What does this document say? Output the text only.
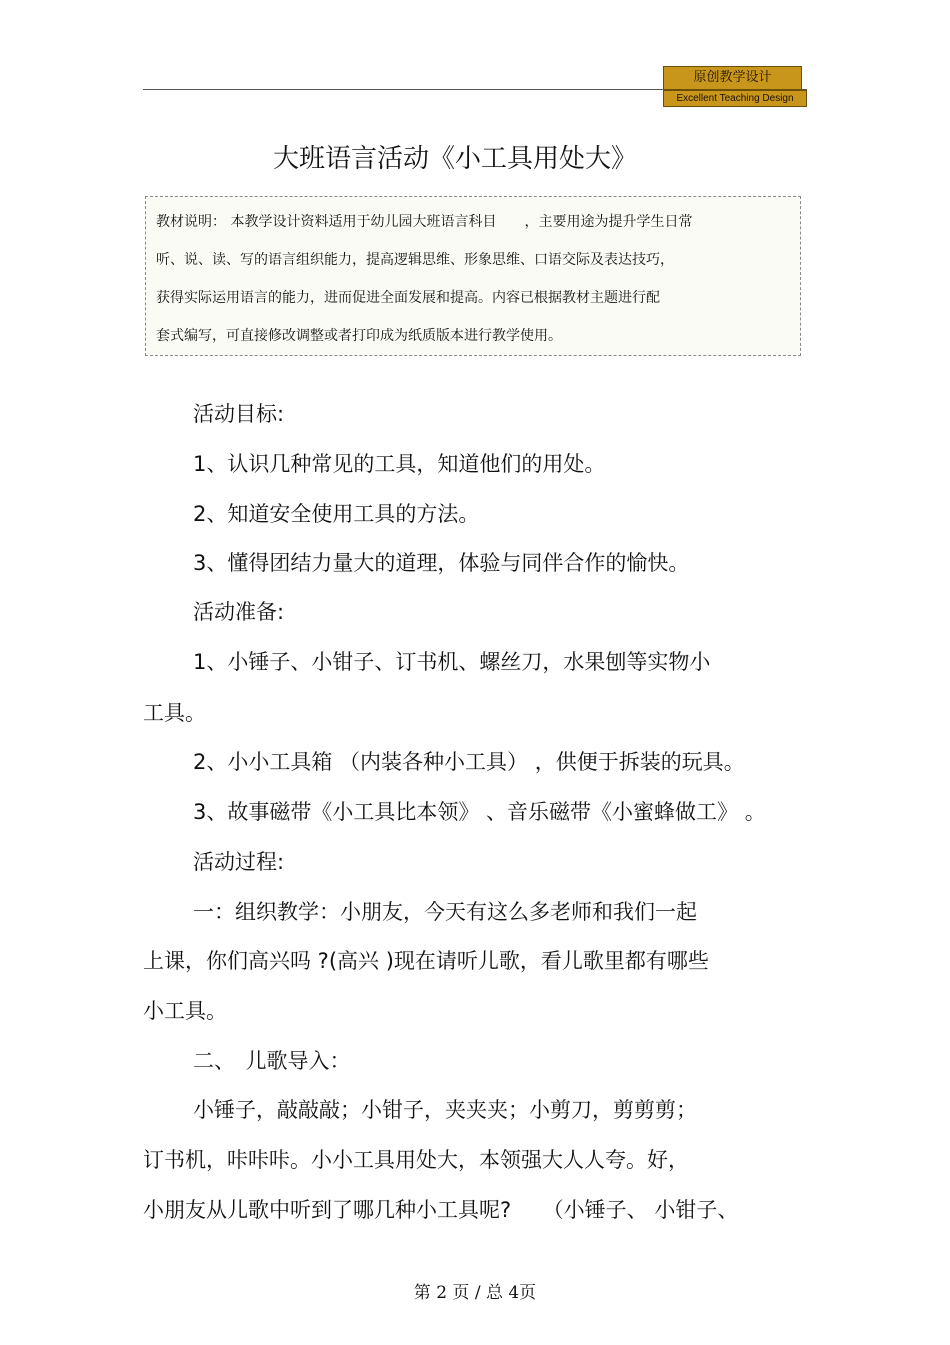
原创教学设计
Excellent Teaching Design
大班语言活动《小工具用处大》
教材说明： 本教学设计资料适用于幼儿园大班语言科目　　，主要用途为提升学生日常
听、说、读、写的语言组织能力，提高逻辑思维、形象思维、口语交际及表达技巧，
获得实际运用语言的能力，进而促进全面发展和提高。内容已根据教材主题进行配
套式编写，可直接修改调整或者打印成为纸质版本进行教学使用。
活动目标:
1、认识几种常见的工具，知道他们的用处。
2、知道安全使用工具的方法。
3、懂得团结力量大的道理，体验与同伴合作的愉快。
活动准备:
1、小锤子、小钳子、订书机、螺丝刀，水果刨等实物小
工具。
2、小小工具箱 （内装各种小工具） ，供便于拆装的玩具。
3、故事磁带《小工具比本领》 、音乐磁带《小蜜蜂做工》 。
活动过程:
一：组织教学：小朋友，今天有这么多老师和我们一起
上课，你们高兴吗 ?(高兴 )现在请听儿歌，看儿歌里都有哪些
小工具。
二、　儿歌导入：
小锤子，敲敲敲；小钳子，夹夹夹；小剪刀，剪剪剪；
订书机，咔咔咔。小小工具用处大，本领强大人人夸。好，
小朋友从儿歌中听到了哪几种小工具呢?　　（小锤子、 小钳子、
第 2 页 / 总 4页
